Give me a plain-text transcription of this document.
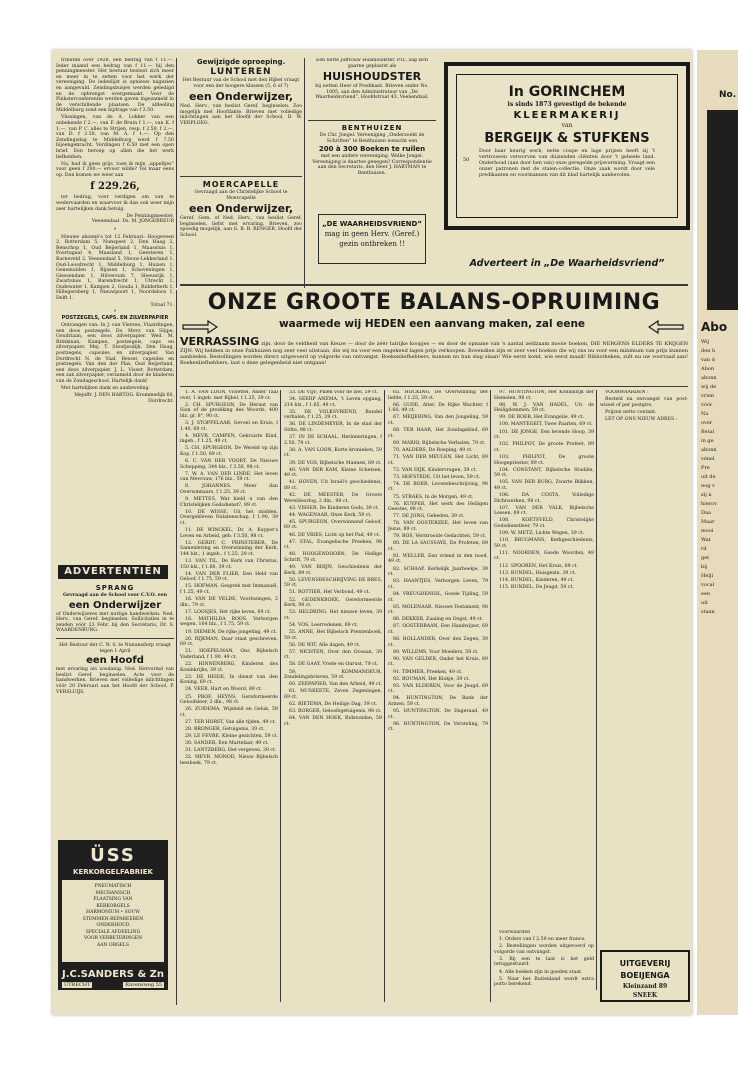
tributen over 1928, een bedrag van f 11.—. Ieder maand een bedrag van f 11.— bij den penningmeester. Het bestuur besloot zich meer en meer in te zetten voor het werk der vereeniging. De ledenlijst is opnieuw nagezien en aangevuld. Zendingsbusjes werden geledigd en de opbrengst overgemaakt. Voor de Pinksterconferentie werden gaven ingezameld in de verschillende plaatsen. De afdeeling Middelburg zond een bijdrage van f 2.50.

Vlissingen, van de A. Lokker van een onbekende f 2.—, van F. de Bruin f 1.—, van K. f 1.—, van P. C. alles te Strijen, resp. f 2.50, f 2.—, van D. f 2.50, van M. A. f 1.—. Op den Zendingsdag te Middelburg werd f 7.50 bijeengebracht. Vordingen f 6.50 met een open brief. Een beroep op allen die het werk liefhebben.

Na, had ik geen grijs, toen ik mijn „appeltjes” voor geen f 200.— ervoor wilde? Tel maar eens op. Dan komen we weer aan

f 229.26,

ter bedrag, voor verdigen om van te wedervaarden en waarvoor ik dan ook weer mijn zeer hartelijken dank betuig.

De Penningmeester,
Veenendaal. Ds. M. JONGEBREUR
*

Nieuwe abonné's tot 12 Februari: Hoogeveen 2, Rotterdam 5, Nunspeet 2, Den Haag 2, Benschop 1, Oud Beijerland 1, Maassluis 1, Poortugaal 4, Maasland 1, Geesteren 1, Barneveld 2, Veenendaal 5, Nieuw-Lekkerland 1, Oud-Loosdrecht 1, Middelburg 1, Huizen 1, Genemuiden 1, Rijssen 1, Scheveningen 1, Giessendam 1, Hilversum 7, Sleeuwijk 1, Zwartsluis 1, Barendrecht 1, Utrecht 1, Oudewater 1, Kampen 2, Gouda 1, Ridderkerk 1, Hillegersberg 1, Nieuwpoort 1, Noordeloos 1, Delft 1.

Totaal 71.
*
POSTZEGELS, CAPS. EN ZILVERPAPIER

Ontvangen van: In J. van Vlerzen, Vlaardingen, een doos postzegels. Ds. Mevr. van Slijpe, Goudriaan, een doos zilverpapier. Wed. M. Brinkman, Kampen, postzegels, caps en zilverpapier. Mej. T. Stoutjesdijk, Den Haag, postzegels, capsules en zilverpapier. Van Dordrecht N. de Vaal, Bessel, capsules en postzegels. Van den der Plas, Oud Beijerland, een doos zilverpapier. J. L. Visser, Rotterdam, een zak zilverpapier, verzameld door de kinderen van de Zondagsschool. Hartelijk dank!

Met hartelijken dank en aanbeveling.

Mejuffr. J. DEN HARTOG. Krommedijk 60, Dordrecht.
ADVERTENTIËN
SPRANG
Gevraagd aan de School voor C.V.O. een
een Onderwijzer
of Onderwijzeres met nuttige handwerken. Ned. Herv., van Geref. beginselen. Sollicitaties in te zenden vóór 23 Febr. bij den Secretaris, Dr. S. WAARDENBURG.
Het Bestuur der C. N. S. te Nunansdorp vraagt tegen 1 April
een Hoofd
met ervaring als zoodanig. Ned. Hervormd van beslist Geref. beginselen. Acte voor de handwerken. Brieven met volledige inlichtingen vóór 20 Februari aan het Hoofd der School, P. VERSLUIJS.
ÜSS
KERKORGELFABRIEK
PNEUMATISCH
MECHANISCH
PLAATSING VAN
KERKORGELS
HARMONIUM • SOUW
STEMMEN-REPAREEREN
ONDERHOUD
SPECIALE AFDEELING
VOOR VERBETERINGEN
AAN ORGELS
J.C.SANDERS & Zn
UTRECHT	Ravensweg 55
Gewijzigde oproeping.
LUNTEREN
Het Bestuur van de School met den Bijbel vraagt voor een der hoogere klassen (5, 6 of 7)
een Onderwijzer,
Ned. Herv., van beslist Geref. beginselen. Zoo mogelijk met Hoofdakte. Brieven met volledige inlichtingen aan het Hoofd der School, D. W. VERPLOEG.
MOERCAPELLE
Gevraagd aan de Christelijke School te Moercapelle
een Onderwijzer,
Geref. Gem. of Ned. Herv., van beslist Geref. beginselen, liefst met ervaring. Brieven, zoo spoedig mogelijk, aan G. B. B. RENGER, Hoofd der School.
Een nette Juffrouw Huishoudster, P.O., zag zich gaarne geplaatst als
HUISHOUDSTER
bij netten Heer of Predikant. Brieven onder No. 1005, aan den Administrateur van „De Waarheidsvriend”, Hoofdstraat 43, Veenendaal.
BENTHUIZEN
De Chr. Jongel. Vereeniging „Onderzoekt de Schriften” te Benthuizen wenscht een
200 à 300 Boeken te ruilen
met een andere vereeniging. Welke Jongel. Vereeniging is daartoe genegen? Correspondentie aan den Secretaris, den Heer J. HARTMAN te Benthuizen.
„DE WAARHEIDSVRIEND”
mag in geen Herv. (Geref.) gezin ontbreken !!
In GORINCHEM
is sinds 1873 gevestigd de bekende
KLEERMAKERIJ
van
BERGEIJK & STUFKENS
50
Door haar keurig werk, nette coupe en lage prijzen heeft zij 't vertrouwen verworven van duizenden cliënten door 't geheele land. Onderhoud (aan door hen van) onze geregelde prijsvorming. Vraagt een onzer patronen met de stalen-collectie. Onze zaak wordt door vele predikanten en voormannen van dit blad hartelijk aanbevolen.
Adverteert in „De Waarheidsvriend”
ONZE GROOTE BALANS-OPRUIMING
waarmede wij HEDEN een aanvang maken, zal eene
VERRASSING zijn, door de veldheid van Keuze — door de zéér talrijke koopjes — en door de opname van 's aantal zeldzaam mooie boeken, DIE NERGENS ELDERS TE KRIJGEN ZIJN. Wij hebben in onze Pakhuizen nog zeer veel uitstaan, die wij nu voor een ongekend lagen prijs verkoopen. Bovendien zijn er zeer veel boeken die wij ons nu voor een minimum van prijs kunnen aanbieden. Bestellingen worden direct uitgevoerd op volgorde van ontvangst. Boekenliefhebbers, kunnen nu hun slag slaan! Wie eerst komt, wie eerst maalt! Bibliotheken, zult nu uw voorraad aan! Boekenliefhebbers, laat u deze gelegenheid niet ontgaan!

1. A. VAN LOON, Violettel, Ander Taal over, 1 ingeb. met Bijbel, f 1.25, 39 ct.

2. CH. SPURGEON, De Heraut van Sion of de prediking des Woords, 400 blz. gr. 8°, 90 ct.

3. J. STOPPELAAR, Gevoel en Kruis, f 1.40, 69 ct.

4. MEVR. CAMPEN, Gekruiste Kind, ingeb., f 1.25, 49 ct.

5. CH. SPURGEON, De Wereld op zijn Kop, f 1.50, 69 ct.

6. C. VAN DER VOORT, De Nieuwe Schepping, 344 blz., f 3.50, 98 ct.

7. W. A. VAN DER LINDE, Het leven van Mevrouw, 176 blz., 59 ct.

8. JOHANNES. Meer dan Overwinnaars, f 1.25, 39 ct.

9. METTES, Wat hield u van den Christelijken Godsdienst?, 89 ct.

10. DE WISSE, Uit het midden. Overgebleven Nalatenschap, f 1.90, 39 ct.

11. DE WINCKEL, Dr. A. Kuyper's Leven en Arbeid, geb. f 3.50, 98 ct.

12. GERDT. C. PRINSTERER, De Samenleving en Overwinning der Kerk, 144 blz., 1 ingeb., f 1.25, 29 ct.

13. VAN TIL, De Kerk van Christus, 150 blz., f 1.60, 39 ct.

14. VAN DER FLIER, Een Held van Geloof, f 1.75, 59 ct.

15. HOFMAN, Gesprek met Immanuël, f 1.25, 49 ct.

16. VAN DE VELDE, Voorlezingen, 2 dln., 79 ct.

17. LOOSJES, Het rijke leven, 69 ct.

18. MATHILDA ROOS, Verborgen wegen, 164 blz., f 1.75, 59 ct.

19. DIEMEN, De rijke jongeling, 49 ct.

20. RIJKMAN, Daar staat geschreven, 69 ct.

21. HOEPELMAN, Ons Bijbelsch Vaderland, f 1.90, 49 ct.

22. HINNENBERG, Kinderen des Koninkrijks, 39 ct.

23. DE HEIDE, In dienst van den Koning, 69 ct.

24. VEER, Hart en Woord, 89 ct.

25. PROF. HEYNS, Gereformeerde Geloofsleer, 2 dln., 98 ct.

26. ZUIDEMA, Wijsheid en Geluk, 59 ct.

27. TER HORST, Van alle tijden, 49 ct.

28. BRONGER, Getuigenis, 39 ct.

29. LE FEVRE, Kleine gezichten, 59 ct.

30. SANDER, Een Martelaar, 49 ct.

31. LANTZBERG, Het vergeven, 39 ct.

32. MEVR. MONOD, Nieuw Bijbelsch leesboek, 79 ct.

33. DE VIJF, Pillen voor de ziel, 59 ct.

34. SEERP ANEMA, 't Leven opgang, 214 blz., f 1.65, 49 ct.

35. DE VOLKSVRIEND, Bundel verhalen, f 1.25, 39 ct.

36. DE LINDEMEYER, In de stad der Stilte, 98 ct.

37. IN DE SCHAAL, Herinneringen, f 2.50, 79 ct.

38. A. VAN LOON, Korte kronieken, 59 ct.

39. DE VOS, Bijbelsche Mannen, 69 ct.

40. VAN DER KAM, Kleine Schetsen, 49 ct.

41. HOVEN, Uit Israël's geschiedenis, 89 ct.

42. DE MEESTER, De Groote Wereldoorlog, 2 dln., 98 ct.

43. VISSER, De Kinderen Gods, 39 ct.

44. WAGENAAR, Onze Kerk, 59 ct.

45. SPURGEON, Overwinnend Geloof, 69 ct.

46. DE VRIES, Licht op het Pad, 49 ct.

47. STAL, Evangelische Preeken, 98 ct.

48. HOOGENDOORN, De Heilige Schrift, 79 ct.

49. VAN RHIJN, Geschiedenis der Kerk, 89 ct.

50. LEVENSBESCHRIJVING DE BRES, 59 ct.

51. ROTTIER, Het Verbond, 49 ct.

52. GEDENKBOEK, Gereformeerde Kerk, 98 ct.

53. HELDRING, Het nieuwe leven, 39 ct.

54. VOS, Leerredenen, 69 ct.

55. ANNE, Het Bijbelsch Prentenboek, 59 ct.

56. DE WIT, Alle dagen, 49 ct.

57. NICHTEN, Over den Oceaan, 39 ct.

58. DE GAAY, Vrede en Onrust, 79 ct.

59. KOMMANDEUR, Zendelingsbrieven, 59 ct.

60. ZEEPAPIER, Van den Arbeid, 49 ct.

61. MUSKEETE, Zeven Zegeningen, 69 ct.

62. RIETEMA, De Heilige Dag, 39 ct.

63. BORGER, Geloofsgetuigenis, 98 ct.

64. VAN DEN HOEK, Bidstonden, 59 ct.

65. HOCKING, De Overwinning der liefde, f 1.25, 39 ct.

66. GUDE, Alter, De Rijke Wachter, f 1.60, 49 ct.

67. MEIJERING, Van den Jongeling, 59 ct.

68. TER HAAR, Het Zondagsblad, 69 ct.

69. MARIO, Bijbelsche Verhalen, 79 ct.

70. AALDERS, De Roeping, 49 ct.

71. VAN DER MEULEN, Het Licht, 89 ct.

72. VAN DIJK, Kindervragen, 39 ct.

73. HOFSTEDE, Uit het leven, 59 ct.

74. DE BOER, Levensbeschrijving, 98 ct.

75. STRAKS, In de Morgen, 49 ct.

76. KUYPER, Het werk des Heiligen Geestes, 98 ct.

77. DE JONG, Gebeden, 39 ct.

78. VAN OOSTERZEE, Het leven van Jezus, 89 ct.

79. BOS, Verstrooide Gedachten, 59 ct.

80. DE LA SAUSSAYE, De Profeten, 69 ct.

81. WELLER, Een vriend in den nood, 49 ct.

82. SCHAAP, Kerkelijk Jaarboekje, 39 ct.

83. HAANTJES, Verborgen Leven, 79 ct.

84. VREUGDENHIL, Goede Tijding, 59 ct.

85. MOLENAAR, Nieuwe Testament, 98 ct.

86. DEKKER, Zaaiing en Oogst, 49 ct.

87. OOSTERBAAN, Een Handwijzer, 69 ct.

88. HOLLANDER, Over den Zegen, 39 ct.

89. WILLEMS, Voor Moeders, 59 ct.

90. VAN GELDER, Onder het Kruis, 89 ct.

91. TIMMER, Preeken, 49 ct.

92. BOUMAN, Het Klokje, 39 ct.

93. VAN ELDEREN, Voor de Jeugd, 69 ct.

94. HUNTINGTON, De Bank der Armen, 59 ct.

95. HUNTINGTON, De Dageraad, 49 ct.

96. HUNTINGTON, De Versteling, 79 ct.

97. HUNTINGTON, Het Koninkrijk der Hemelen, 98 ct.

98. W. J. VAN HADEL, Uit de Heiligdommen, 59 ct.

99. DE BOER, Het Evangelie, 49 ct.

100. MANTEGEIT, Twee Paarlen, 69 ct.

101. DE JONGE, Een levende Hoop, 39 ct.

102. PHILPOT, De groote Profeet, 89 ct.

103. PHILPOT, De groote Hoogepriester, 89 ct.

104. CONSTANT, Bijbelsche Studiën, 59 ct.

105. VAN DER BURG, Zwarte Blikken, 49 ct.

106. DA COSTA, Volledige Dichtwerken, 98 ct.

107. VAN DER VALK, Bijbelsche Lessen, 69 ct.

108. KOETSVELD, Christelijke Godsdienstleer, 79 ct.

109. W. METZ, Lichte Wegen, 39 ct.

110. BRUGMANS, Kerkgeschiedenis, 59 ct.

111. NOORDEN, Goede Woorden, 49 ct.

112. SPOOREN, Het Kruis, 69 ct.

113. BUNDEL, Huisgezin, 39 ct.

114. BUNDEL, Kinderen, 49 ct.

115. BUNDEL, De Jeugd, 59 ct.

voorwaarden

1. Orders van f 2.50 en meer franco.

2. Bestellingen worden uitgevoerd op volgorde van ontvangst.

3. Bij een te laat is het geld teruggestuurd.

4. Alle boeken zijn in goeden staat.

5. Naar het Buitenland wordt extra porto berekend.

VOORWAARDEN :

Besteld na ontvangst van post-wissel of per postgiro.

Prijzen netto contant.

LET OP ONS NIEUW ADRES :

UITGEVERIJ BOEIJENGA
Kleinzand 89
SNEEK
No.
Abo
Wij
den h
van d
Abon
abonn
wij de
vrien
vóór
Na
over
Betal
in ge
abonn
vénel
Pre
uit de
nog v
zij n
hierov
Daa
Maar
mooi
Wat
rd
get
bij
Helji
vocal
een
uit
staan
